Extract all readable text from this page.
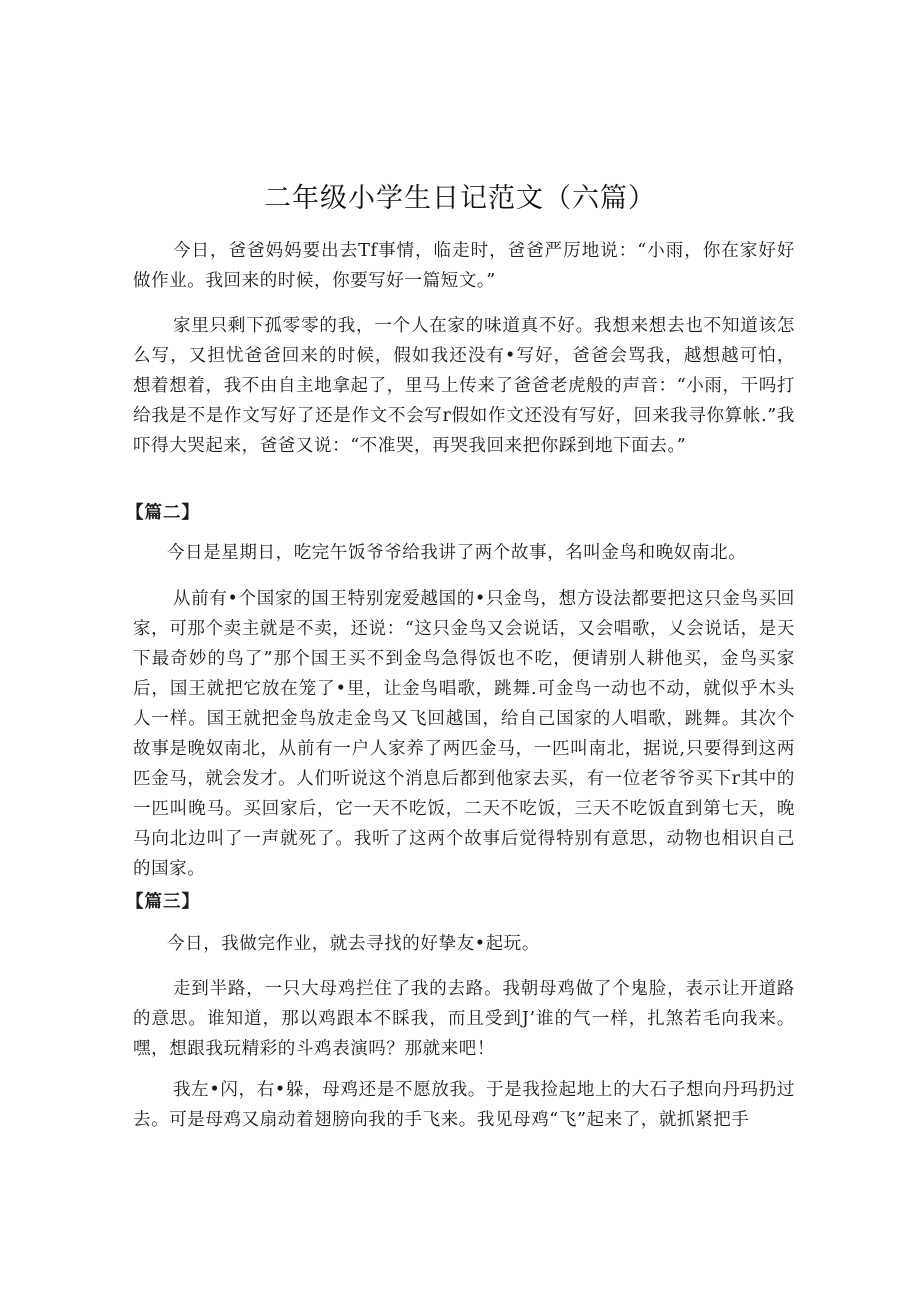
二年级小学生日记范文（六篇）

今日，爸爸妈妈要出去Tf事情，临走时，爸爸严厉地说：“小雨，你在家好好做作业。我回来的时候，你要写好一篇短文。”

家里只剩下孤零零的我，一个人在家的味道真不好。我想来想去也不知道该怎么写，又担忧爸爸回来的时候，假如我还没有•写好，爸爸会骂我，越想越可怕，想着想着，我不由自主地拿起了，里马上传来了爸爸老虎般的声音：“小雨，干吗打给我是不是作文写好了还是作文不会写r假如作文还没有写好，回来我寻你算帐.”我吓得大哭起来，爸爸又说：“不准哭，再哭我回来把你踩到地下面去。”

【篇二】

今日是星期日，吃完午饭爷爷给我讲了两个故事，名叫金鸟和晚奴南北。

从前有•个国家的国王特别宠爱越国的•只金鸟，想方设法都要把这只金鸟买回家，可那个卖主就是不卖，还说：“这只金鸟又会说话，又会唱歌，乂会说话，是天下最奇妙的鸟了”那个国王买不到金鸟急得饭也不吃，便请别人耕他买，金鸟买家后，国王就把它放在笼了•里，让金鸟唱歌，跳舞.可金鸟一动也不动，就似乎木头人一样。国王就把金鸟放走金鸟又飞回越国，给自己国家的人唱歌，跳舞。其次个故事是晚奴南北，从前有一户人家养了两匹金马，一匹叫南北，据说,只要得到这两匹金马，就会发才。人们听说这个消息后都到他家去买，有一位老爷爷买下r其中的一匹叫晚马。买回家后，它一天不吃饭，二天不吃饭，三天不吃饭直到第七天，晚马向北边叫了一声就死了。我听了这两个故事后觉得特别有意思，动物也相识自己的国家。

【篇三】

今日，我做完作业，就去寻找的好挚友•起玩。

走到半路，一只大母鸡拦住了我的去路。我朝母鸡做了个鬼脸，表示让开道路的意思。谁知道，那以鸡跟本不睬我，而且受到J’谁的气一样，扎煞若毛向我来。嘿，想跟我玩精彩的斗鸡表演吗？那就来吧！

我左•闪，右•躲，母鸡还是不愿放我。于是我捡起地上的大石子想向丹玛扔过去。可是母鸡又扇动着翅膀向我的手飞来。我见母鸡“飞”起来了，就抓紧把手
